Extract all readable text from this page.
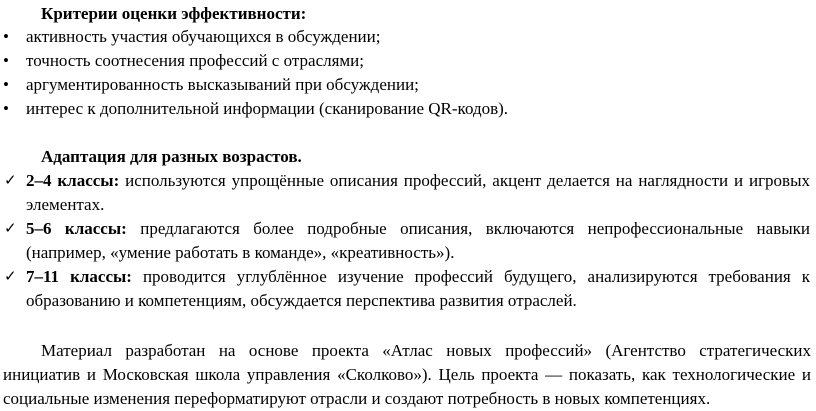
Критерии оценки эффективности:
•	активность участия обучающихся в обсуждении;
•	точность соотнесения профессий с отраслями;
•	аргументированность высказываний при обсуждении;
•	интерес к дополнительной информации (сканирование QR-кодов).
Адаптация для разных возрастов.
✓ 2–4 классы: используются упрощённые описания профессий, акцент делается на наглядности и игровых
элементах.
✓ 5–6 классы: предлагаются более подробные описания, включаются непрофессиональные навыки
(например, «умение работать в команде», «креативность»).
✓ 7–11 классы: проводится углублённое изучение профессий будущего, анализируются требования к
образованию и компетенциям, обсуждается перспектива развития отраслей.
Материал разработан на основе проекта «Атлас новых профессий» (Агентство стратегических
инициатив и Московская школа управления «Сколково»). Цель проекта — показать, как технологические и
социальные изменения переформатируют отрасли и создают потребность в новых компетенциях.
